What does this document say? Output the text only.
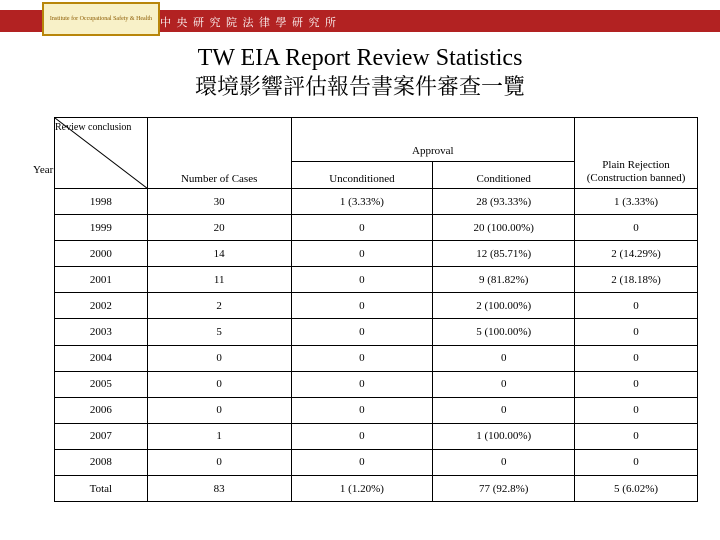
Institute for Occupational Safety & Health 中 央 研 究 院 法 律 學 研 究 所
TW EIA Report Review Statistics
環境影響評估報告書案件審查一覽
Review conclusion
Year	Number of Cases	Approval		Plain Rejection (Construction banned)

		Unconditioned	Conditioned	

1998	30	1 (3.33%)	28 (93.33%)	1 (3.33%)
1999	20	0	20 (100.00%)	0
2000	14	0	12 (85.71%)	2 (14.29%)
2001	11	0	9 (81.82%)	2 (18.18%)
2002	2	0	2 (100.00%)	0
2003	5	0	5 (100.00%)	0
2004	0	0	0	0
2005	0	0	0	0
2006	0	0	0	0
2007	1	0	1 (100.00%)	0
2008	0	0	0	0
Total	83	1 (1.20%)	77 (92.8%)	5 (6.02%)
